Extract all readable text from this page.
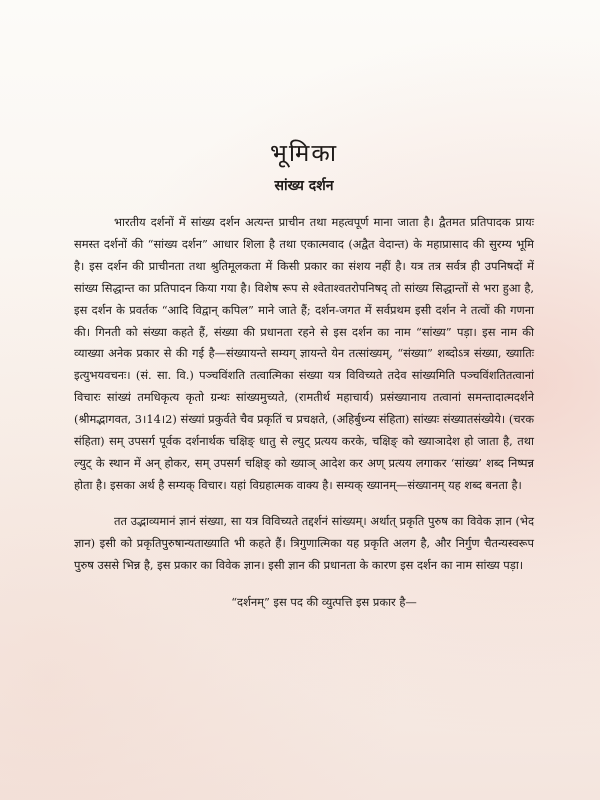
भूमिका
सांख्य दर्शन

भारतीय दर्शनों में सांख्य दर्शन अत्यन्त प्राचीन तथा महत्वपूर्ण माना जाता है। द्वैतमत प्रतिपादक प्रायः समस्त दर्शनों की “सांख्य दर्शन” आधार शिला है तथा एकात्मवाद (अद्वैत वेदान्त) के महाप्रासाद की सुरम्य भूमि है। इस दर्शन की प्राचीनता तथा श्रुतिमूलकता में किसी प्रकार का संशय नहीं है। यत्र तत्र सर्वत्र ही उपनिषदों में सांख्य सिद्धान्त का प्रतिपादन किया गया है। विशेष रूप से श्वेताश्वतरोपनिषद् तो सांख्य सिद्धान्तों से भरा हुआ है, इस दर्शन के प्रवर्तक “आदि विद्वान् कपिल” माने जाते हैं; दर्शन-जगत में सर्वप्रथम इसी दर्शन ने तत्वों की गणना की। गिनती को संख्या कहते हैं, संख्या की प्रधानता रहने से इस दर्शन का नाम “सांख्य” पड़ा। इस नाम की व्याख्या अनेक प्रकार से की गई है—संख्यायन्ते सम्यग् ज्ञायन्ते येन तत्सांख्यम्, “संख्या” शब्दोऽत्र संख्या, ख्यातिः इत्युभयवचनः। (सं. सा. वि.) पञ्चविंशति तत्वात्मिका संख्या यत्र विविच्यते तदेव सांख्यमिति पञ्चविंशतितत्वानां विचारः सांख्यं तमधिकृत्य कृतो ग्रन्थः सांख्यमुच्यते, (रामतीर्थ महाचार्य) प्रसंख्यानाय तत्वानां समन्तादात्मदर्शने (श्रीमद्भागवत, 3।14।2) संख्यां प्रकुर्वते चैव प्रकृतिं च प्रचक्षते, (अहिर्बुध्न्य संहिता) सांख्यः संख्यातसंख्येये। (चरक संहिता) सम् उपसर्ग पूर्वक दर्शनार्थक चक्षिङ् धातु से ल्युट् प्रत्यय करके, चक्षिङ् को ख्याञादेश हो जाता है, तथा ल्युट् के स्थान में अन् होकर, सम् उपसर्ग चक्षिङ् को ख्याञ् आदेश कर अण् प्रत्यय लगाकर ‘सांख्य’ शब्द निष्पन्न होता है। इसका अर्थ है सम्यक् विचार। यहां विग्रहात्मक वाक्य है। सम्यक् ख्यानम्—संख्यानम् यह शब्द बनता है।

तत उद्भाव्यमानं ज्ञानं संख्या, सा यत्र विविच्यते तद्दर्शनं सांख्यम्। अर्थात् प्रकृति पुरुष का विवेक ज्ञान (भेद ज्ञान) इसी को प्रकृतिपुरुषान्यताख्याति भी कहते हैं। त्रिगुणात्मिका यह प्रकृति अलग है, और निर्गुण चैतन्यस्वरूप पुरुष उससे भिन्न है, इस प्रकार का विवेक ज्ञान। इसी ज्ञान की प्रधानता के कारण इस दर्शन का नाम सांख्य पड़ा।

“दर्शनम्” इस पद की व्युत्पत्ति इस प्रकार है—
